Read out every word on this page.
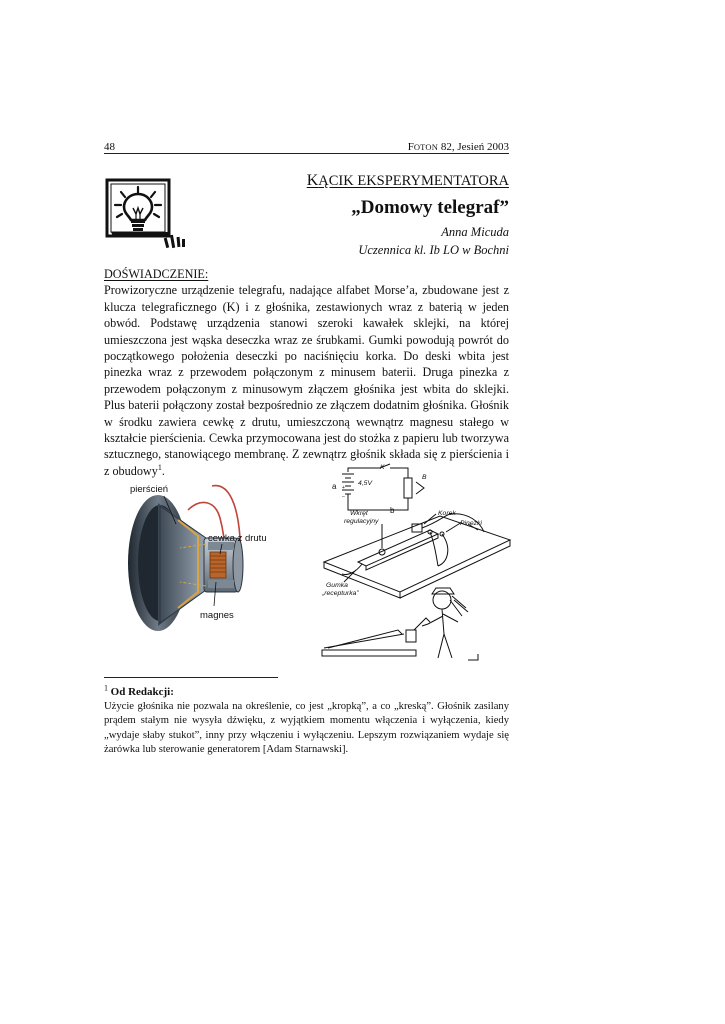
48	FOTON 82, Jesień 2003
KĄCIK EKSPERYMENTATORA
„Domowy telegraf”
Anna Micuda
Uczennica kl. Ib LO w Bochni

DOŚWIADCZENIE:

Prowizoryczne urządzenie telegrafu, nadające alfabet Morse’a, zbudowane jest z klucza telegraficznego (K) i z głośnika, zestawionych wraz z baterią w jeden obwód. Podstawę urządzenia stanowi szeroki kawałek sklejki, na której umieszczona jest wąska deseczka wraz ze śrubkami. Gumki powodują powrót do początkowego położenia deseczki po naciśnięciu korka. Do deski wbita jest pinezka wraz z przewodem połączonym z minusem baterii. Druga pinezka z przewodem połączonym z minusowym złączem głośnika jest wbita do sklejki. Plus baterii połączony został bezpośrednio ze złączem dodatnim głośnika. Głośnik w środku zawiera cewkę z drutu, umieszczoną wewnątrz magnesu stałego w kształcie pierścienia. Cewka przymocowana jest do stożka z papieru lub tworzywa sztucznego, stanowiącego membranę. Z zewnątrz głośnik składa się z pierścienia i z obudowy$^1$.

pierścień
cewka z drutu
magnes
+
–
a
b
K
B
4,5V
Wkręt
regulacyjny
Korek
Pinezki
Gumka
„recepturka”

$^1$ Od Redakcji:

Użycie głośnika nie pozwala na określenie, co jest „kropką”, a co „kreską”. Głośnik zasilany prądem stałym nie wysyła dźwięku, z wyjątkiem momentu włączenia i wyłączenia, kiedy „wydaje słaby stukot”, inny przy włączeniu i wyłączeniu. Lepszym rozwiązaniem wydaje się żarówka lub sterowanie generatorem [Adam Starnawski].
